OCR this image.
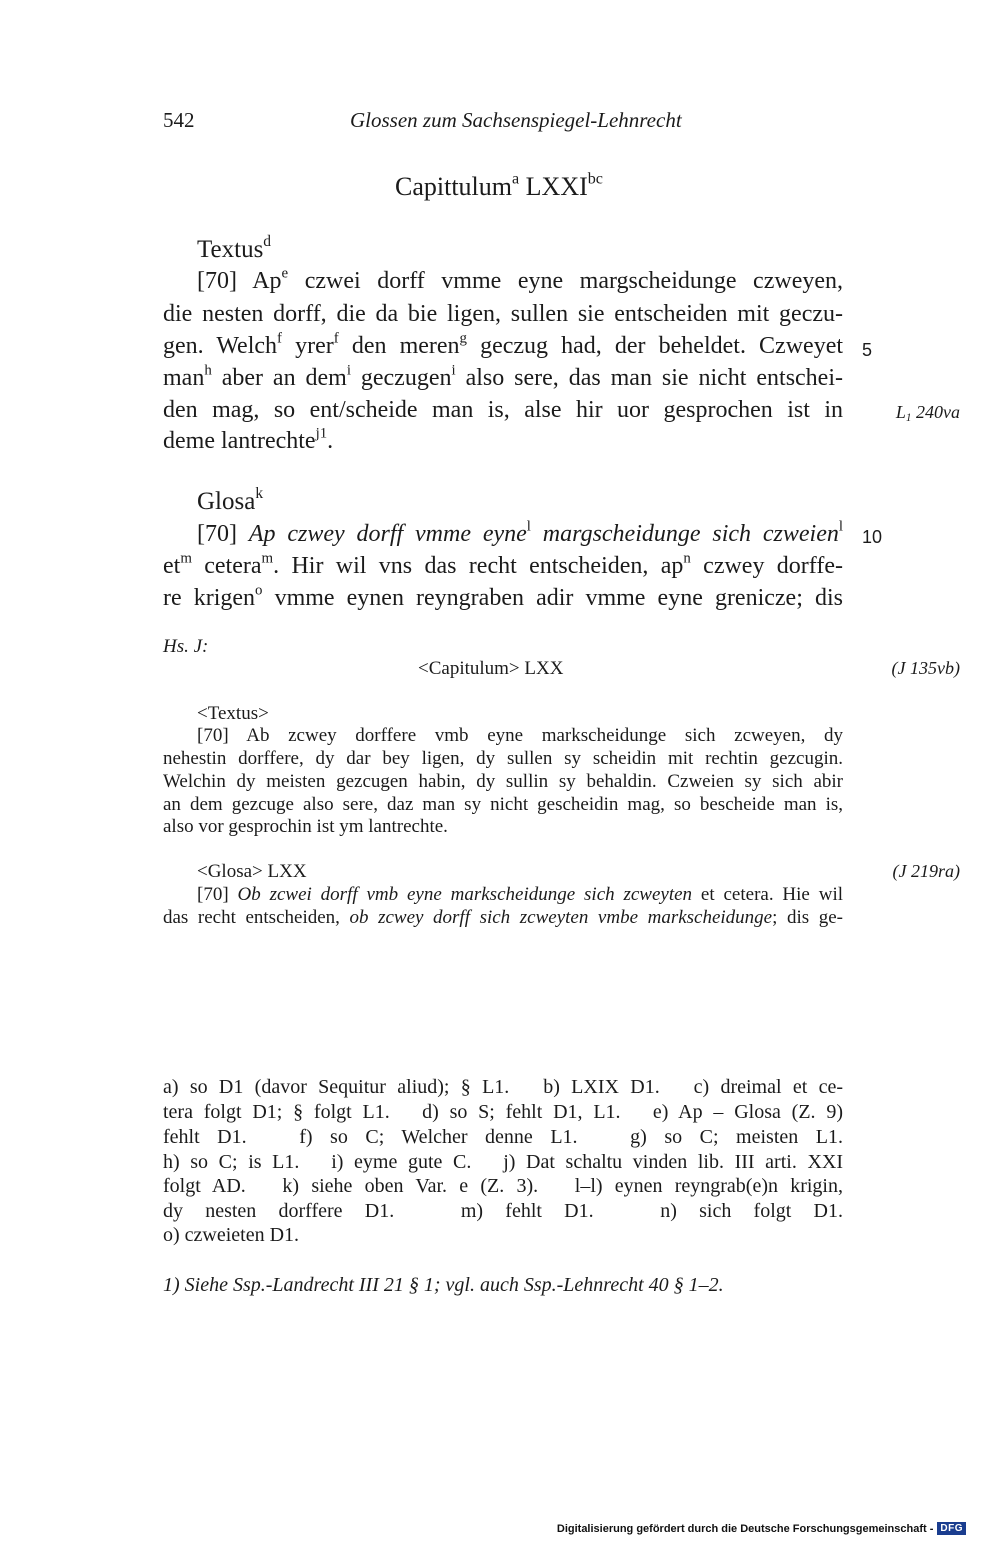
542	Glossen zum Sachsenspiegel-Lehnrecht
Capittulum$^a$ $LXXI^{bc}$
Textus$^d$
[70] Ap$^e$ czwei dorff vmme eyne margscheidunge czweyen,
die nesten dorff, die da bie ligen, sullen sie entscheiden mit geczu-
gen. Welch$^f$ yrer$^f$ den meren$^g$ geczug had, der beheldet. Czweyet
man$^h$ aber an dem$^i$ geczugen$^i$ also sere, das man sie nicht entschei-
den mag, so ent/scheide man is, alse hir uor gesprochen ist in
deme lantrechte$^{j1}$.
Glosa$^k$
[70] Ap czwey dorff vmme eyne$^l$ margscheidunge sich czweien$^l$
$et^m$ cetera$^m$. Hir wil vns das recht entscheiden, $ap^n$ czwey dorffe-
re krigen$^o$ vmme eynen reyngraben adir vmme eyne grenicze; dis
5
10
$L_1$ 240va
(J 135vb)
(J 219ra)
Hs. J:
<Capitulum> LXX
<Textus>
[70] Ab zcwey dorffere vmb eyne markscheidunge sich zcweyen, dy
nehestin dorffere, dy dar bey ligen, dy sullen sy scheidin mit rechtin gezcugin.
Welchin dy meisten gezcugen habin, dy sullin sy behaldin. Czweien sy sich abir
an dem gezcuge also sere, daz man sy nicht gescheidin mag, so bescheide man is,
also vor gesprochin ist ym lantrechte.
<Glosa> LXX
[70] Ob zcwei dorff vmb eyne markscheidunge sich zcweyten et cetera. Hie wil
das recht entscheiden, ob zcwey dorff sich zcweyten vmbe markscheidunge; dis ge-
a) so D1 (davor Sequitur aliud); § L1.   b) LXIX D1.   c) dreimal et ce-
tera folgt D1; § folgt L1.   d) so S; fehlt D1, L1.   e) Ap – Glosa (Z. 9)
fehlt D1.   f) so C; Welcher denne L1.   g) so C; meisten L1.
h) so C; is L1.   i) eyme gute C.   j) Dat schaltu vinden lib. III arti. XXI
folgt AD.   k) siehe oben Var. e (Z. 3).   l–l) eynen reyngrab(e)n krigin,
dy nesten dorffere D1.   m) fehlt D1.   n) sich folgt D1.
o) czweieten D1.
1) Siehe Ssp.-Landrecht III 21 § 1; vgl. auch Ssp.-Lehnrecht 40 § 1–2.
Digitalisierung gefördert durch die Deutsche Forschungsgemeinschaft - DFG
